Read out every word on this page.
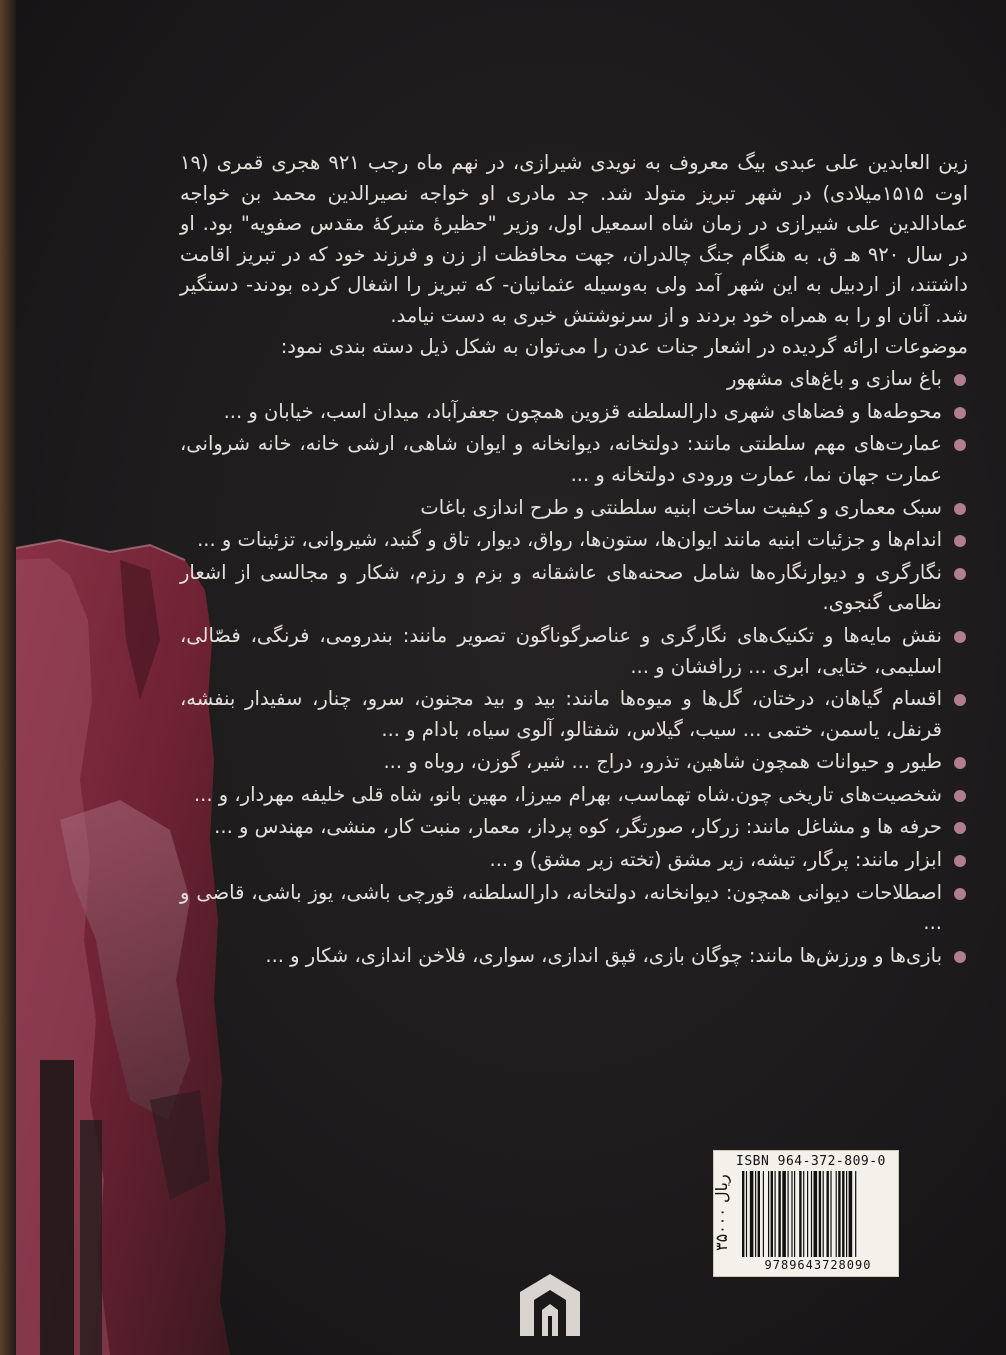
زین العابدین علی عبدی بیگ معروف به نویدی شیرازی، در نهم ماه رجب ۹۲۱ هجری قمری (۱۹ اوت ۱۵۱۵میلادی) در شهر تبریز متولد شد. جد مادری او خواجه نصیرالدین محمد بن خواجه عمادالدین علی شیرازی در زمان شاه اسمعیل اول، وزیر "حظیرهٔ متبرکهٔ مقدس صفویه" بود. او در سال ۹۲۰ هـ ق. به هنگام جنگ چالدران، جهت محافظت از زن و فرزند خود که در تبریز اقامت داشتند، از اردبیل به این شهر آمد ولی به‌وسیله عثمانیان- که تبریز را اشغال کرده بودند- دستگیر شد. آنان او را به همراه خود بردند و از سرنوشتش خبری به دست نیامد.

موضوعات ارائه گردیده در اشعار جنات عدن را می‌توان به شکل ذیل دسته بندی نمود:

باغ سازی و باغ‌های مشهور
محوطه‌ها و فضاهای شهری دارالسلطنه قزوین همچون جعفرآباد، میدان اسب، خیابان و ...
عمارت‌های مهم سلطنتی مانند: دولتخانه، دیوانخانه و ایوان شاهی، ارشی خانه، خانه شروانی، عمارت جهان نما، عمارت ورودی دولتخانه و ...
سبک معماری و کیفیت ساخت ابنیه سلطنتی و طرح اندازی باغات
اندام‌ها و جزئیات ابنیه مانند ایوان‌ها، ستون‌ها، رواق، دیوار، تاق و گنبد، شیروانی، تزئینات و ...
نگارگری و دیوارنگاره‌ها شامل صحنه‌های عاشقانه و بزم و رزم، شکار و مجالسی از اشعار نظامی گنجوی.
نقش مایه‌ها و تکنیک‌های نگارگری و عناصرگوناگون تصویر مانند: بندرومی، فرنگی، فصّالی، اسلیمی، ختایی، ابری ... زرافشان و ...
اقسام گیاهان، درختان، گل‌ها و میوه‌ها مانند: بید و بید مجنون، سرو، چنار، سفیدار بنفشه، قرنفل، یاسمن، ختمی ... سیب، گیلاس، شفتالو، آلوی سیاه، بادام و ...
طیور و حیوانات همچون شاهین، تذرو، دراج ... شیر، گوزن، روباه و ...
شخصیت‌های تاریخی چون.شاه تهماسب، بهرام میرزا، مهین بانو، شاه قلی خلیفه مهردار، و ...
حرفه ها و مشاغل مانند: زرکار، صورتگر، کوه پرداز، معمار، منبت کار، منشی، مهندس و ...
ابزار مانند: پرگار، تیشه، زیر مشق (تخته زیر مشق) و ...
اصطلاحات دیوانی همچون: دیوانخانه، دولتخانه، دارالسلطنه، قورچی باشی، یوز باشی، قاضی و ...
بازی‌ها و ورزش‌ها مانند: چوگان بازی، قپق اندازی، سواری، فلاخن اندازی، شکار و ...
ISBN 964-372-809-0
۳۵۰۰۰ ریال
9789643728090
